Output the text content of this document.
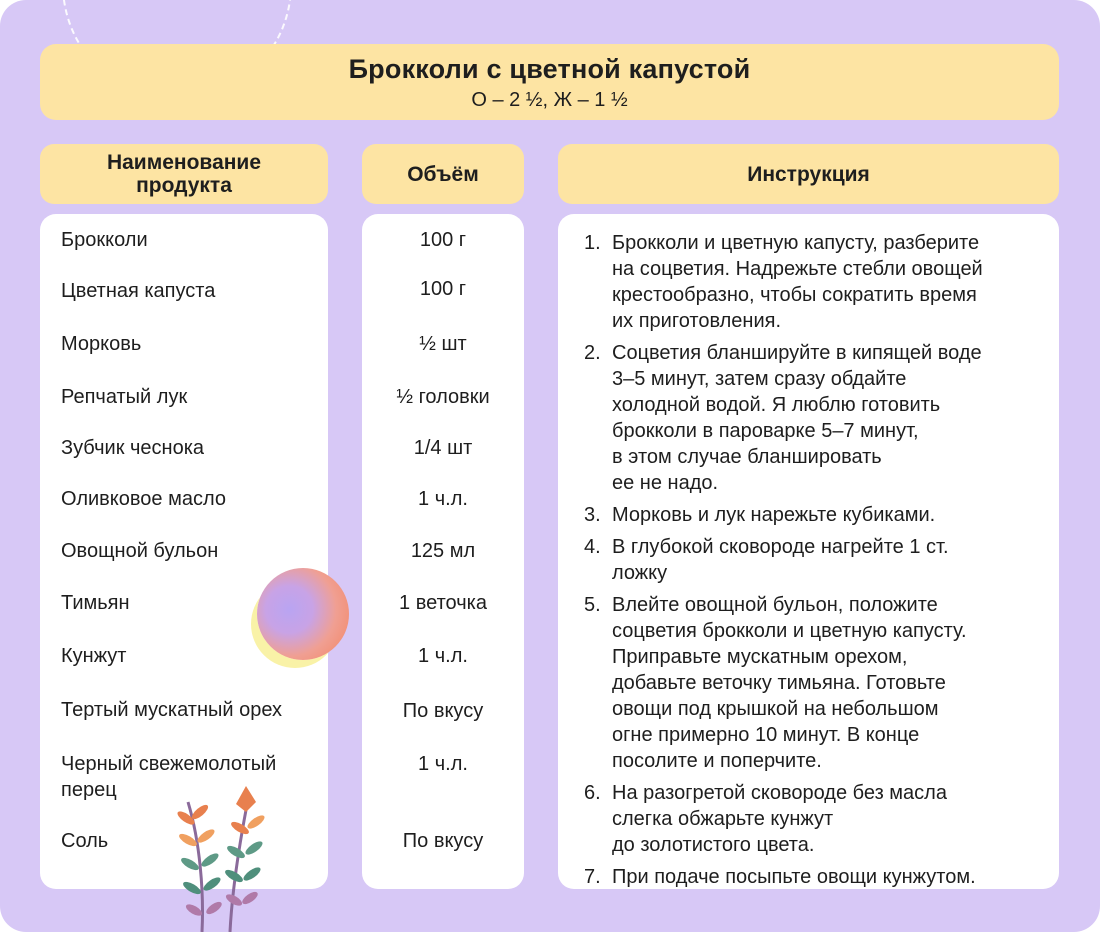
Брокколи с цветной капустой
О – 2 ½, Ж – 1 ½
Наименование продукта	Объём	Инструкция
Брокколи
Цветная капуста
Морковь
Репчатый лук
Зубчик чеснока
Оливковое масло
Овощной бульон
Тимьян
Кунжут
Тертый мускатный орех
Черный свежемолотый перец
Соль
100 г
100 г
½ шт
½ головки
1/4 шт
1 ч.л.
125 мл
1 веточка
1 ч.л.
По вкусу
1 ч.л.
По вкусу
1. Брокколи и цветную капусту, разберите
на соцветия. Надрежьте стебли овощей
крестообразно, чтобы сократить время
их приготовления.
2. Соцветия бланшируйте в кипящей воде
3–5 минут, затем сразу обдайте
холодной водой. Я люблю готовить
брокколи в пароварке 5–7 минут,
в этом случае бланшировать
ее не надо.
3. Морковь и лук нарежьте кубиками.
4. В глубокой сковороде нагрейте 1 ст.
ложку
5. Влейте овощной бульон, положите
соцветия брокколи и цветную капусту.
Приправьте мускатным орехом,
добавьте веточку тимьяна. Готовьте
овощи под крышкой на небольшом
огне примерно 10 минут. В конце
посолите и поперчите.
6. На разогретой сковороде без масла
слегка обжарьте кунжут
до золотистого цвета.
7. При подаче посыпьте овощи кунжутом.
